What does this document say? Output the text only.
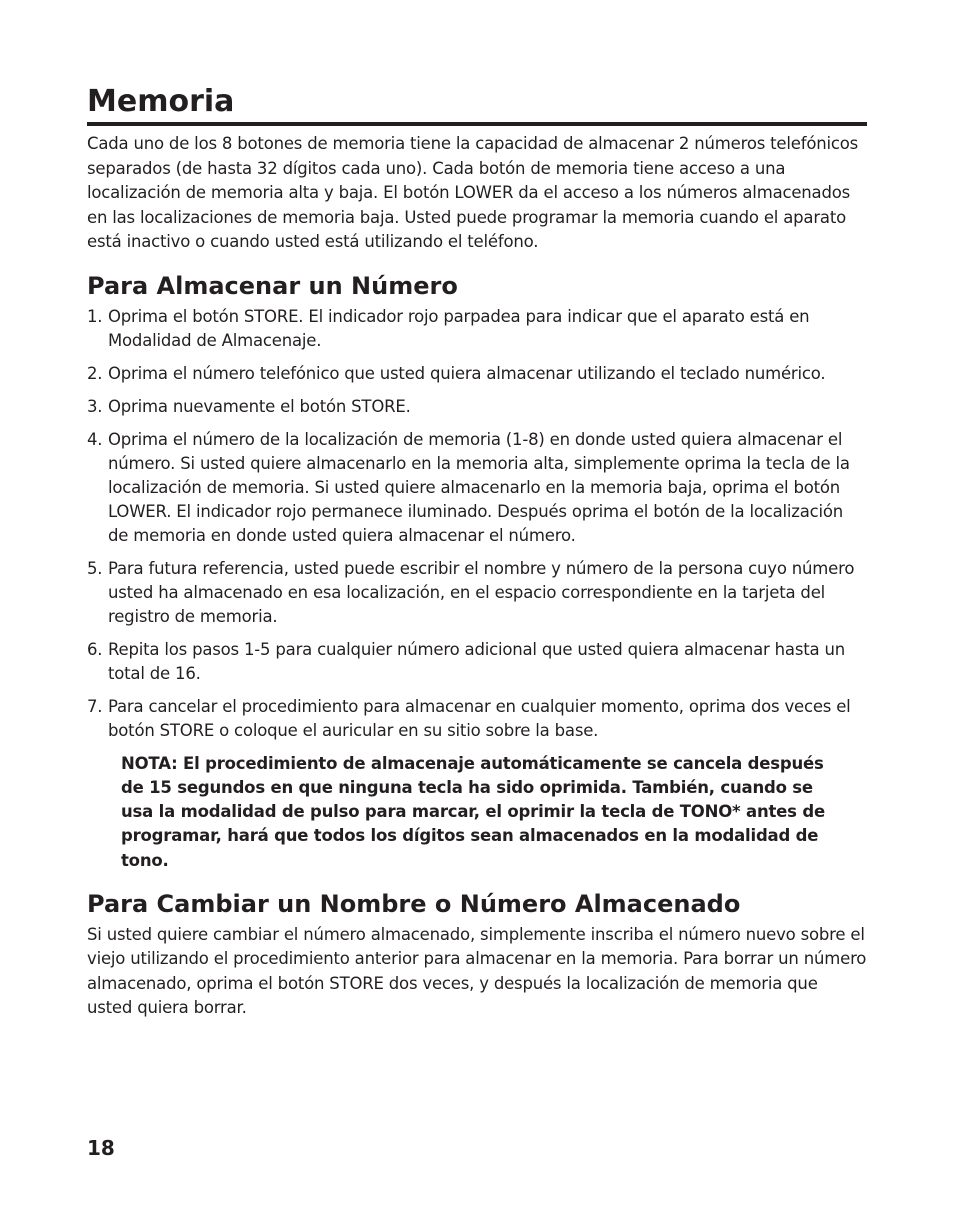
Memoria

Cada uno de los 8 botones de memoria tiene la capacidad de almacenar 2 números telefónicos separados (de hasta 32 dígitos cada uno). Cada botón de memoria tiene acceso a una localización de memoria alta y baja. El botón LOWER da el acceso a los números almacenados en las localizaciones de memoria baja. Usted puede programar la memoria cuando el aparato está inactivo o cuando usted está utilizando el teléfono.

Para Almacenar un Número
1. Oprima el botón STORE. El indicador rojo parpadea para indicar que el aparato está en Modalidad de Almacenaje.
2. Oprima el número telefónico que usted quiera almacenar utilizando el teclado numérico.
3. Oprima nuevamente el botón STORE.
4. Oprima el número de la localización de memoria (1-8) en donde usted quiera almacenar el número. Si usted quiere almacenarlo en la memoria alta, simplemente oprima la tecla de la localización de memoria. Si usted quiere almacenarlo en la memoria baja, oprima el botón LOWER. El indicador rojo permanece iluminado. Después oprima el botón de la localización de memoria en donde usted quiera almacenar el número.
5. Para futura referencia, usted puede escribir el nombre y número de la persona cuyo número usted ha almacenado en esa localización, en el espacio correspondiente en la tarjeta del registro de memoria.
6. Repita los pasos 1-5 para cualquier número adicional que usted quiera almacenar hasta un total de 16.
7. Para cancelar el procedimiento para almacenar en cualquier momento, oprima dos veces el botón STORE o coloque el auricular en su sitio sobre la base.

NOTA: El procedimiento de almacenaje automáticamente se cancela después de 15 segundos en que ninguna tecla ha sido oprimida. También, cuando se usa la modalidad de pulso para marcar, el oprimir la tecla de TONO* antes de programar, hará que todos los dígitos sean almacenados en la modalidad de tono.

Para Cambiar un Nombre o Número Almacenado

Si usted quiere cambiar el número almacenado, simplemente inscriba el número nuevo sobre el viejo utilizando el procedimiento anterior para almacenar en la memoria. Para borrar un número almacenado, oprima el botón STORE dos veces, y después la localización de memoria que usted quiera borrar.

18
